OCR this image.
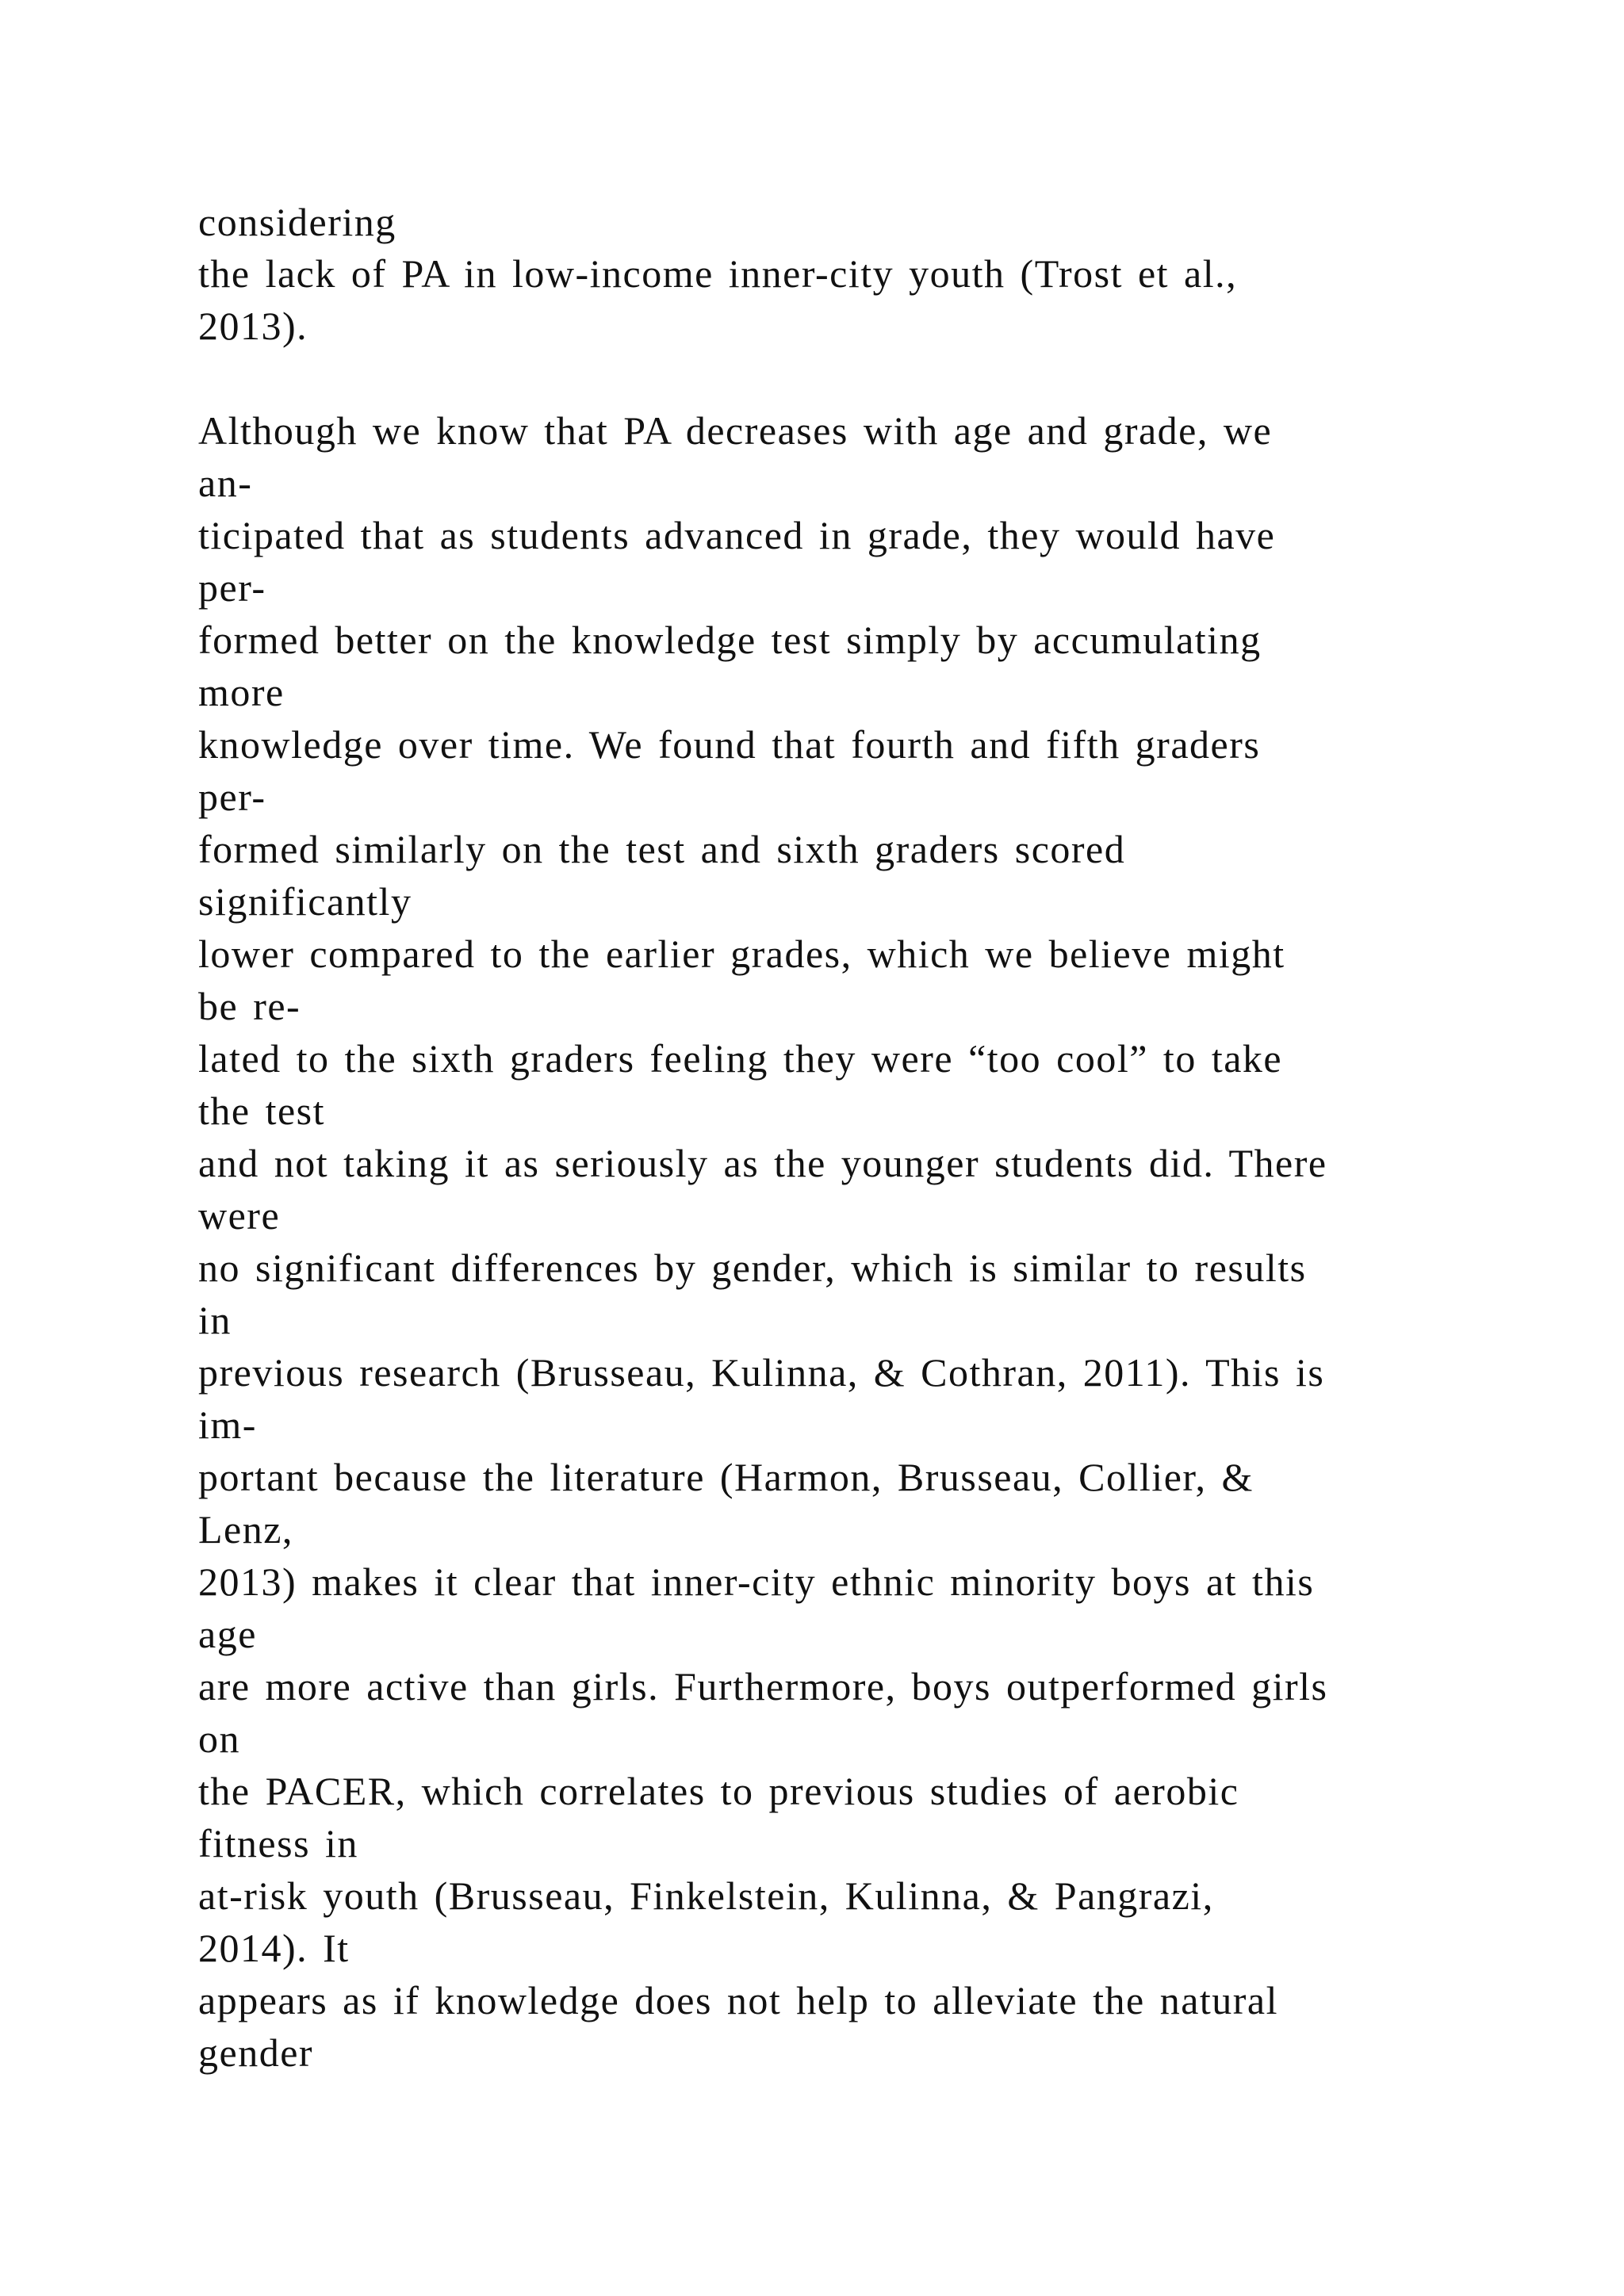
considering
the lack of PA in low-income inner-city youth (Trost et al.,
2013).
Although we know that PA decreases with age and grade, we
an-
ticipated that as students advanced in grade, they would have
per-
formed better on the knowledge test simply by accumulating
more
knowledge over time. We found that fourth and fifth graders
per-
formed similarly on the test and sixth graders scored
significantly
lower compared to the earlier grades, which we believe might
be re-
lated to the sixth graders feeling they were “too cool” to take
the test
and not taking it as seriously as the younger students did. There
were
no significant differences by gender, which is similar to results
in
previous research (Brusseau, Kulinna, & Cothran, 2011). This is
im-
portant because the literature (Harmon, Brusseau, Collier, &
Lenz,
2013) makes it clear that inner-city ethnic minority boys at this
age
are more active than girls. Furthermore, boys outperformed girls
on
the PACER, which correlates to previous studies of aerobic
fitness in
at-risk youth (Brusseau, Finkelstein, Kulinna, & Pangrazi,
2014). It
appears as if knowledge does not help to alleviate the natural
gender
